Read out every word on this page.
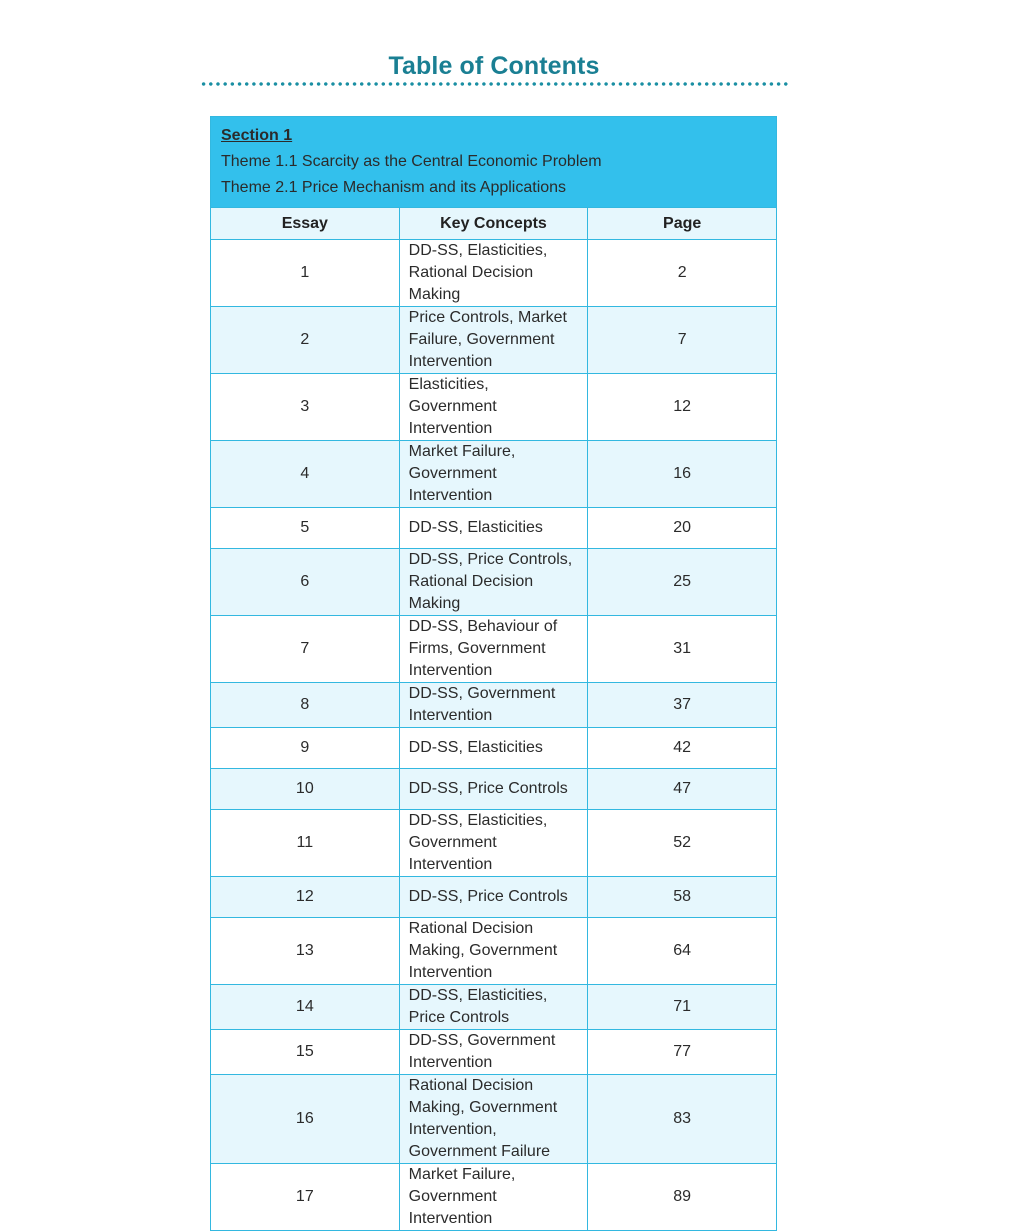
Table of Contents
Section 1
Theme 1.1 Scarcity as the Central Economic Problem
Theme 2.1 Price Mechanism and its Applications		

Essay	Key Concepts	Page
1	DD-SS, Elasticities, Rational Decision Making	2
2	Price Controls, Market Failure, Government Intervention	7
3	Elasticities, Government Intervention	12
4	Market Failure, Government Intervention	16
5	DD-SS, Elasticities	20
6	DD-SS, Price Controls, Rational Decision Making	25
7	DD-SS, Behaviour of Firms, Government Intervention	31
8	DD-SS, Government Intervention	37
9	DD-SS, Elasticities	42
10	DD-SS, Price Controls	47
11	DD-SS, Elasticities, Government Intervention	52
12	DD-SS, Price Controls	58
13	Rational Decision Making, Government Intervention	64
14	DD-SS, Elasticities, Price Controls	71
15	DD-SS, Government Intervention	77
16	Rational Decision Making, Government Intervention, Government Failure	83
17	Market Failure, Government Intervention	89
